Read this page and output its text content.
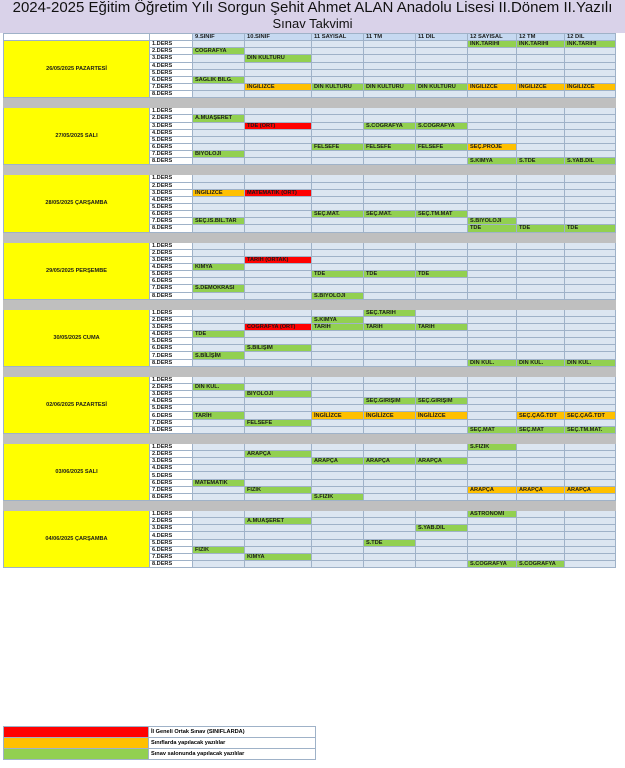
2024-2025 Eğitim Öğretim Yılı Sorgun Şehit Ahmet ALAN Anadolu Lisesi II.Dönem II.Yazılı
Sınav Takvimi
		9.SINIF	10.SINIF	11 SAYISAL	11 TM	11 DİL	12 SAYISAL	12 TM	12 DİL
26/05/2025 PAZARTESİ	1.DERS						İNK.TARİHİ	İNK.TARİHİ	İNK.TARİHİ
	2.DERS	COĞRAFYA							
	3.DERS		DİN KÜLTÜRÜ						
	4.DERS								
	5.DERS								
	6.DERS	SAĞLIK BİLG.							
	7.DERS		İNGİLİZCE	DİN KÜLTÜRÜ	DİN KÜLTÜRÜ	DİN KÜLTÜRÜ	İNGİLİZCE	İNGİLİZCE	İNGİLİZCE
	8.DERS								

27/05/2025 SALI	1.DERS								
	2.DERS	A.MUAŞERET							
	3.DERS		TDE (ORT)		S.COĞRAFYA	S.COĞRAFYA			
	4.DERS								
	5.DERS								
	6.DERS			FELSEFE	FELSEFE	FELSEFE	SEÇ.PROJE		
	7.DERS	BİYOLOJİ							
	8.DERS						S.KİMYA	S.TDE	S.YAB.DİL

28/05/2025 ÇARŞAMBA	1.DERS								
	2.DERS								
	3.DERS	İNGİLİZCE	MATEMATİK (ORT)						
	4.DERS								
	5.DERS								
	6.DERS			SEÇ.MAT.	SEÇ.MAT.	SEÇ.TM.MAT			
	7.DERS	SEÇ.İS.BİL.TAR					S.BİYOLOJİ		
	8.DERS						TDE	TDE	TDE

29/05/2025 PERŞEMBE	1.DERS								
	2.DERS								
	3.DERS		TARİH (ORTAK)						
	4.DERS	KİMYA							
	5.DERS			TDE	TDE	TDE			
	6.DERS								
	7.DERS	S.DEMOKRASİ							
	8.DERS			S.BİYOLOJİ					

30/05/2025 CUMA	1.DERS				SEÇ.TARİH				
	2.DERS			S.KİMYA					
	3.DERS		COĞRAFYA (ORT)	TARİH	TARİH	TARİH			
	4.DERS	TDE							
	5.DERS								
	6.DERS		S.BİLİŞİM						
	7.DERS	S.BİLİŞİM							
	8.DERS						DİN KÜL.	DİN KÜL.	DİN KÜL.

02/06/2025 PAZARTESİ	1.DERS								
	2.DERS	DİN KÜL.							
	3.DERS		BİYOLOJİ						
	4.DERS				SEÇ.GİRİŞİM	SEÇ.GİRİŞİM			
	5.DERS								
	6.DERS	TARİH		İNGİLİZCE	İNGİLİZCE	İNGİLİZCE		SEÇ.ÇAĞ.TDT	SEÇ.ÇAĞ.TDT
	7.DERS		FELSEFE						
	8.DERS						SEÇ.MAT	SEÇ.MAT	SEÇ.TM.MAT.

03/06/2025 SALI	1.DERS						S.FİZİK		
	2.DERS		ARAPÇA						
	3.DERS			ARAPÇA	ARAPÇA	ARAPÇA			
	4.DERS								
	5.DERS								
	6.DERS	MATEMATİK							
	7.DERS		FİZİK				ARAPÇA	ARAPÇA	ARAPÇA
	8.DERS			S.FİZİK					

04/06/2025 ÇARŞAMBA	1.DERS						ASTRONOMİ		
	2.DERS		A.MUAŞERET						
	3.DERS					S.YAB.DİL			
	4.DERS								
	5.DERS				S.TDE				
	6.DERS	FİZİK							
	7.DERS		KİMYA						
	8.DERS						S.COĞRAFYA	S.COĞRAFYA	
	İl Geneli Ortak Sınav (SINIFLARDA)
	Sınıflarda yapılacak yazılılar
	Sınav salonunda yapılacak yazılılar
